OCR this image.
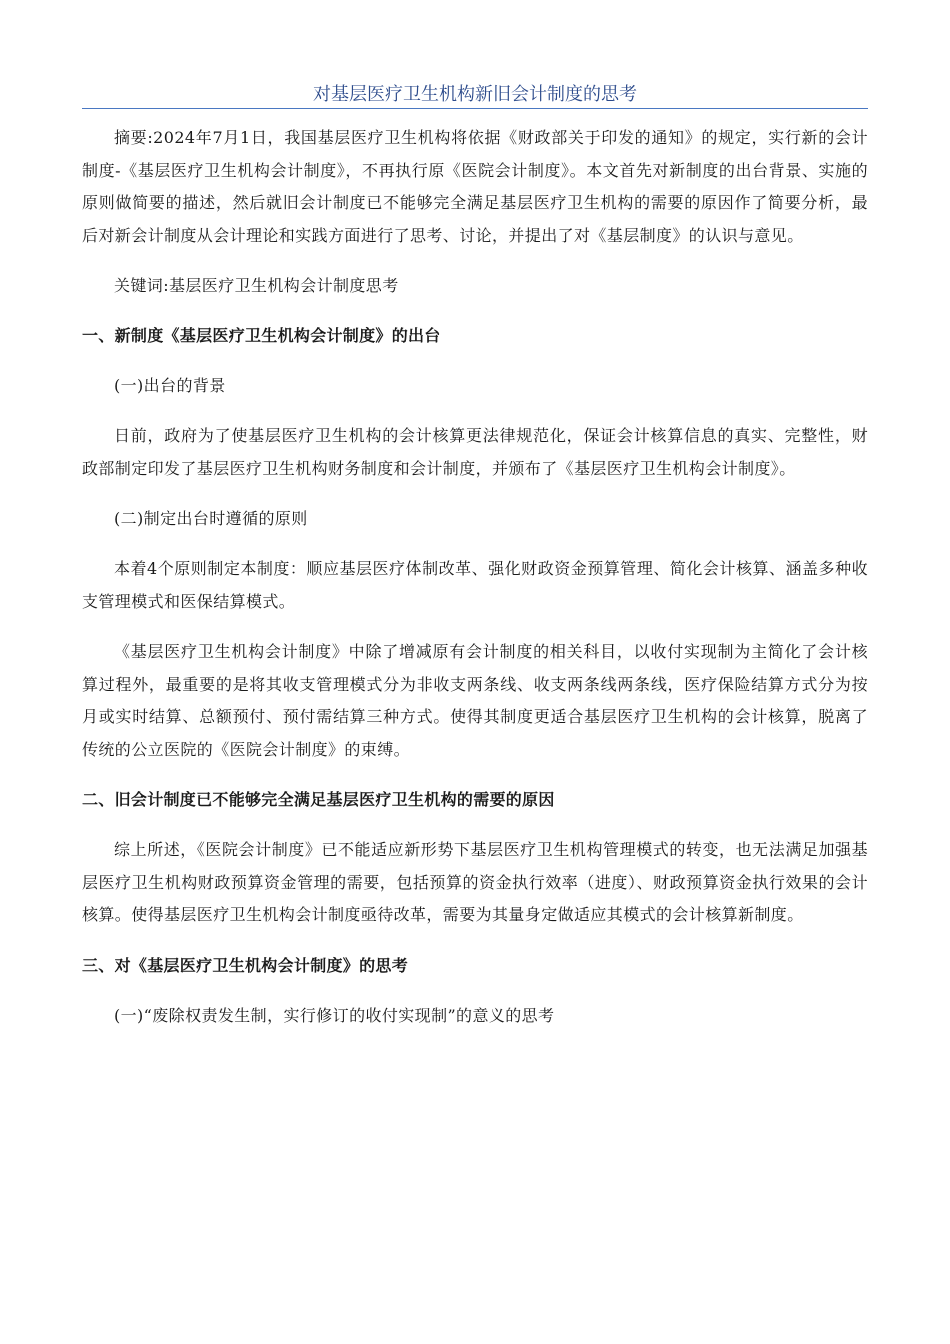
对基层医疗卫生机构新旧会计制度的思考

摘要:2024年7月1日，我国基层医疗卫生机构将依据《财政部关于印发的通知》的规定，实行新的会计制度-《基层医疗卫生机构会计制度》，不再执行原《医院会计制度》。本文首先对新制度的出台背景、实施的原则做简要的描述，然后就旧会计制度已不能够完全满足基层医疗卫生机构的需要的原因作了简要分析，最后对新会计制度从会计理论和实践方面进行了思考、讨论，并提出了对《基层制度》的认识与意见。

关键词:基层医疗卫生机构会计制度思考

一、新制度《基层医疗卫生机构会计制度》的出台

(一)出台的背景

日前，政府为了使基层医疗卫生机构的会计核算更法律规范化，保证会计核算信息的真实、完整性，财政部制定印发了基层医疗卫生机构财务制度和会计制度，并颁布了《基层医疗卫生机构会计制度》。

(二)制定出台时遵循的原则

本着4个原则制定本制度：顺应基层医疗体制改革、强化财政资金预算管理、简化会计核算、涵盖多种收支管理模式和医保结算模式。

《基层医疗卫生机构会计制度》中除了增减原有会计制度的相关科目，以收付实现制为主简化了会计核算过程外，最重要的是将其收支管理模式分为非收支两条线、收支两条线两条线，医疗保险结算方式分为按月或实时结算、总额预付、预付需结算三种方式。使得其制度更适合基层医疗卫生机构的会计核算，脱离了传统的公立医院的《医院会计制度》的束缚。

二、旧会计制度已不能够完全满足基层医疗卫生机构的需要的原因

综上所述，《医院会计制度》已不能适应新形势下基层医疗卫生机构管理模式的转变，也无法满足加强基层医疗卫生机构财政预算资金管理的需要，包括预算的资金执行效率（进度）、财政预算资金执行效果的会计核算。使得基层医疗卫生机构会计制度亟待改革，需要为其量身定做适应其模式的会计核算新制度。

三、对《基层医疗卫生机构会计制度》的思考

(一)“废除权责发生制，实行修订的收付实现制”的意义的思考
